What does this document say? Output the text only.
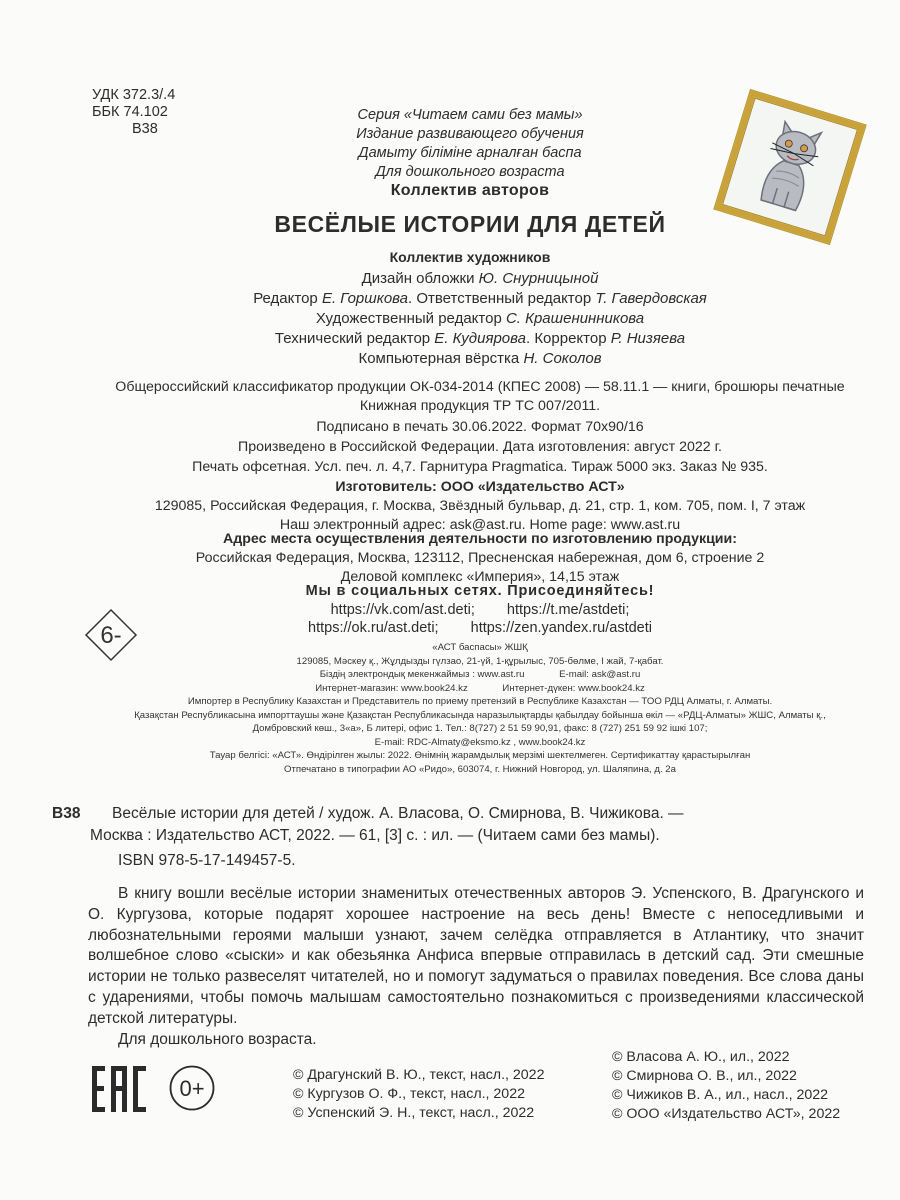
УДК 372.3/.4
ББК 74.102
В38
Серия «Читаем сами без мамы»
Издание развивающего обучения
Дамыту біліміне арналған баспа
Для дошкольного возраста
Коллектив авторов
ВЕСЁЛЫЕ ИСТОРИИ ДЛЯ ДЕТЕЙ
Коллектив художников
Дизайн обложки Ю. Снурницыной
Редактор Е. Горшкова. Ответственный редактор Т. Гавердовская
Художественный редактор С. Крашенинникова
Технический редактор Е. Кудиярова. Корректор Р. Низяева
Компьютерная вёрстка Н. Соколов
Общероссийский классификатор продукции ОК-034-2014 (КПЕС 2008) — 58.11.1 — книги, брошюры печатные
Книжная продукция ТР ТС 007/2011.
Подписано в печать 30.06.2022. Формат 70x90/16
Произведено в Российской Федерации. Дата изготовления: август 2022 г.
Печать офсетная. Усл. печ. л. 4,7. Гарнитура Pragmatica. Тираж 5000 экз. Заказ № 935.
Изготовитель: ООО «Издательство АСТ»
129085, Российская Федерация, г. Москва, Звёздный бульвар, д. 21, стр. 1, ком. 705, пом. I, 7 этаж
Наш электронный адрес: ask@ast.ru. Home page: www.ast.ru
Адрес места осуществления деятельности по изготовлению продукции:
Российская Федерация, Москва, 123112, Пресненская набережная, дом 6, строение 2
Деловой комплекс «Империя», 14,15 этаж
Мы в социальных сетях. Присоединяйтесь!
https://vk.com/ast.deti; https://t.me/astdeti;
https://ok.ru/ast.deti; https://zen.yandex.ru/astdeti
6-	«АСТ баспасы» ЖШҚ
129085, Мәскеу қ., Жұлдызды гүлзао, 21-үй, 1-құрылыс, 705-бөлме, I жай, 7-қабат.
Біздің электрондық мекенжаймыз : www.ast.ru	E-mail: ask@ast.ru
Интернет-магазин: www.book24.kz	Интернет-дүкен: www.book24.kz
Импортер в Республику Казахстан и Представитель по приему претензий в Республике Казахстан — ТОО РДЦ Алматы, г. Алматы.
Қазақстан Республикасына импорттаушы және Қазақстан Республикасында наразылықтарды қабылдау бойынша өкіл — «РДЦ-Алматы» ЖШС, Алматы қ.,
Домбровский көш., 3«а», Б литері, офис 1. Тел.: 8(727) 2 51 59 90,91, факс: 8 (727) 251 59 92 ішкі 107;
E-mail: RDC-Almaty@eksmo.kz , www.book24.kz
Тауар белгісі: «АСТ». Өндірілген жылы: 2022. Өнімнің жарамдылық мерзімі шектелмеген. Сертификаттау қарастырылған
Отпечатано в типографии АО «Ридо», 603074, г. Нижний Новгород, ул. Шаляпина, д. 2а
В38 Весёлые истории для детей / худож. А. Власова, О. Смирнова, В. Чижикова. —
Москва : Издательство АСТ, 2022. — 61, [3] с. : ил. — (Читаем сами без мамы).
ISBN 978-5-17-149457-5.

В книгу вошли весёлые истории знаменитых отечественных авторов Э. Успенского, В. Драгунского и О. Кургузова, которые подарят хорошее настроение на весь день! Вместе с непоседливыми и любознательными героями малыши узнают, зачем селёдка отправляется в Атлантику, что значит волшебное слово «сыски» и как обезьянка Анфиса впервые отправилась в детский сад. Эти смешные истории не только развеселят читателей, но и помогут задуматься о правилах поведения. Все слова даны с ударениями, чтобы помочь малышам самостоятельно познакомиться с произведениями классической детской литературы.

Для дошкольного возраста.

0+
© Драгунский В. Ю., текст, насл., 2022
© Кургузов О. Ф., текст, насл., 2022
© Успенский Э. Н., текст, насл., 2022
© Власова А. Ю., ил., 2022
© Смирнова О. В., ил., 2022
© Чижиков В. А., ил., насл., 2022
© ООО «Издательство АСТ», 2022
